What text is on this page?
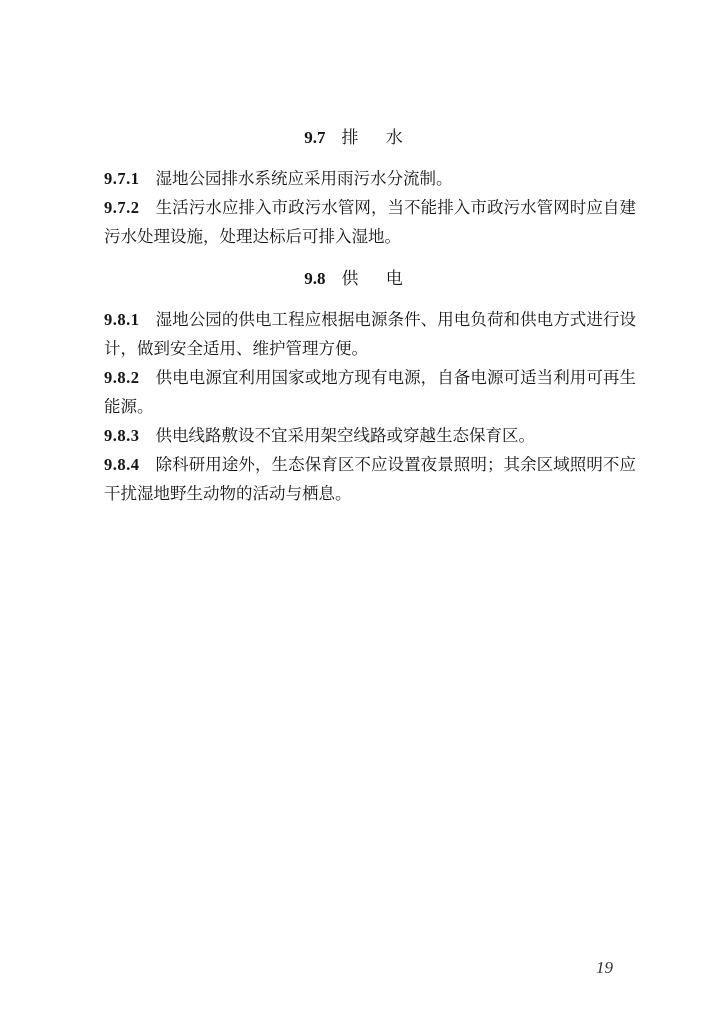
9.7 排水
9.7.1 湿地公园排水系统应采用雨污水分流制。
9.7.2 生活污水应排入市政污水管网，当不能排入市政污水管网时应自建污水处理设施，处理达标后可排入湿地。
9.8 供电
9.8.1 湿地公园的供电工程应根据电源条件、用电负荷和供电方式进行设计，做到安全适用、维护管理方便。
9.8.2 供电电源宜利用国家或地方现有电源，自备电源可适当利用可再生能源。
9.8.3 供电线路敷设不宜采用架空线路或穿越生态保育区。
9.8.4 除科研用途外，生态保育区不应设置夜景照明；其余区域照明不应干扰湿地野生动物的活动与栖息。
19
